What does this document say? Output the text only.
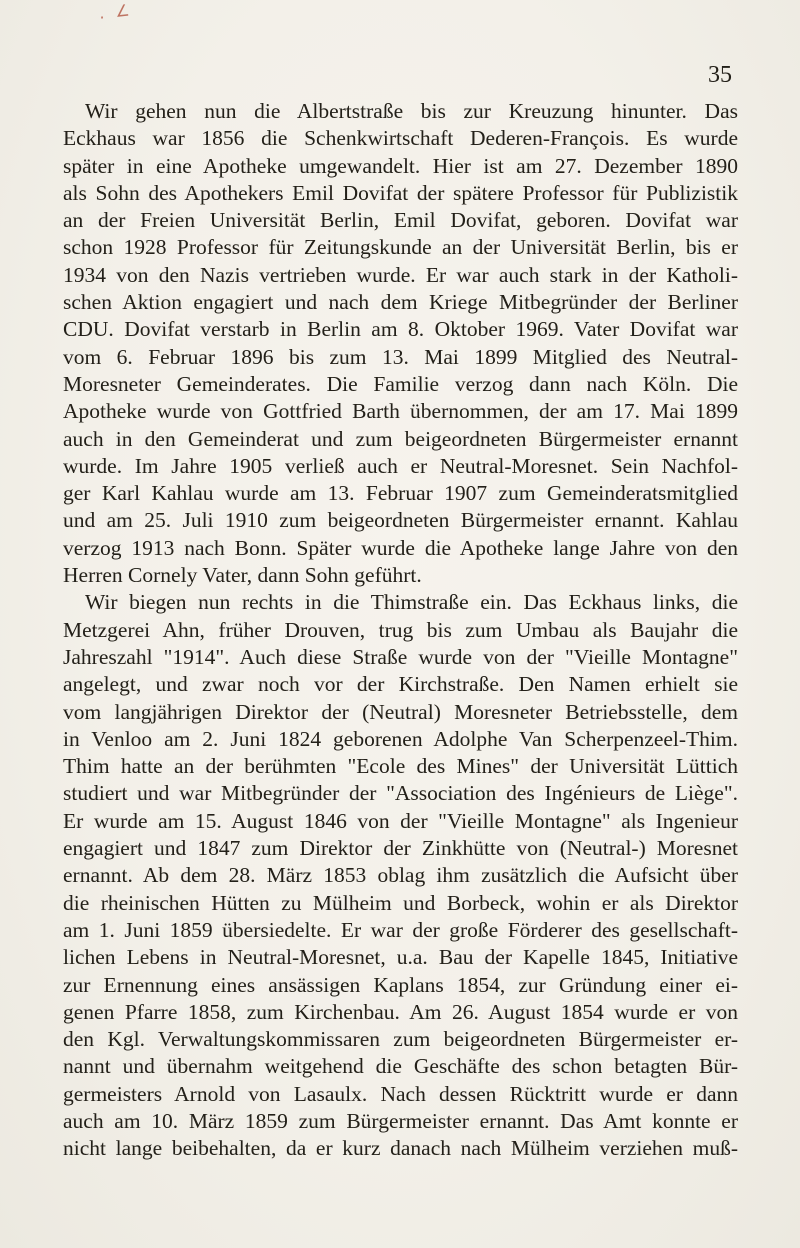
. ∠
35
Wir gehen nun die Albertstraße bis zur Kreuzung hinunter. Das
Eckhaus war 1856 die Schenkwirtschaft Dederen-François. Es wurde
später in eine Apotheke umgewandelt. Hier ist am 27. Dezember 1890
als Sohn des Apothekers Emil Dovifat der spätere Professor für Publizistik
an der Freien Universität Berlin, Emil Dovifat, geboren. Dovifat war
schon 1928 Professor für Zeitungskunde an der Universität Berlin, bis er
1934 von den Nazis vertrieben wurde. Er war auch stark in der Katholi-
schen Aktion engagiert und nach dem Kriege Mitbegründer der Berliner
CDU. Dovifat verstarb in Berlin am 8. Oktober 1969. Vater Dovifat war
vom 6. Februar 1896 bis zum 13. Mai 1899 Mitglied des Neutral-
Moresneter Gemeinderates. Die Familie verzog dann nach Köln. Die
Apotheke wurde von Gottfried Barth übernommen, der am 17. Mai 1899
auch in den Gemeinderat und zum beigeordneten Bürgermeister ernannt
wurde. Im Jahre 1905 verließ auch er Neutral-Moresnet. Sein Nachfol-
ger Karl Kahlau wurde am 13. Februar 1907 zum Gemeinderatsmitglied
und am 25. Juli 1910 zum beigeordneten Bürgermeister ernannt. Kahlau
verzog 1913 nach Bonn. Später wurde die Apotheke lange Jahre von den
Herren Cornely Vater, dann Sohn geführt.
Wir biegen nun rechts in die Thimstraße ein. Das Eckhaus links, die
Metzgerei Ahn, früher Drouven, trug bis zum Umbau als Baujahr die
Jahreszahl "1914". Auch diese Straße wurde von der "Vieille Montagne"
angelegt, und zwar noch vor der Kirchstraße. Den Namen erhielt sie
vom langjährigen Direktor der (Neutral) Moresneter Betriebsstelle, dem
in Venloo am 2. Juni 1824 geborenen Adolphe Van Scherpenzeel-Thim.
Thim hatte an der berühmten "Ecole des Mines" der Universität Lüttich
studiert und war Mitbegründer der "Association des Ingénieurs de Liège".
Er wurde am 15. August 1846 von der "Vieille Montagne" als Ingenieur
engagiert und 1847 zum Direktor der Zinkhütte von (Neutral-) Moresnet
ernannt. Ab dem 28. März 1853 oblag ihm zusätzlich die Aufsicht über
die rheinischen Hütten zu Mülheim und Borbeck, wohin er als Direktor
am 1. Juni 1859 übersiedelte. Er war der große Förderer des gesellschaft-
lichen Lebens in Neutral-Moresnet, u.a. Bau der Kapelle 1845, Initiative
zur Ernennung eines ansässigen Kaplans 1854, zur Gründung einer ei-
genen Pfarre 1858, zum Kirchenbau. Am 26. August 1854 wurde er von
den Kgl. Verwaltungskommissaren zum beigeordneten Bürgermeister er-
nannt und übernahm weitgehend die Geschäfte des schon betagten Bür-
germeisters Arnold von Lasaulx. Nach dessen Rücktritt wurde er dann
auch am 10. März 1859 zum Bürgermeister ernannt. Das Amt konnte er
nicht lange beibehalten, da er kurz danach nach Mülheim verziehen muß-
